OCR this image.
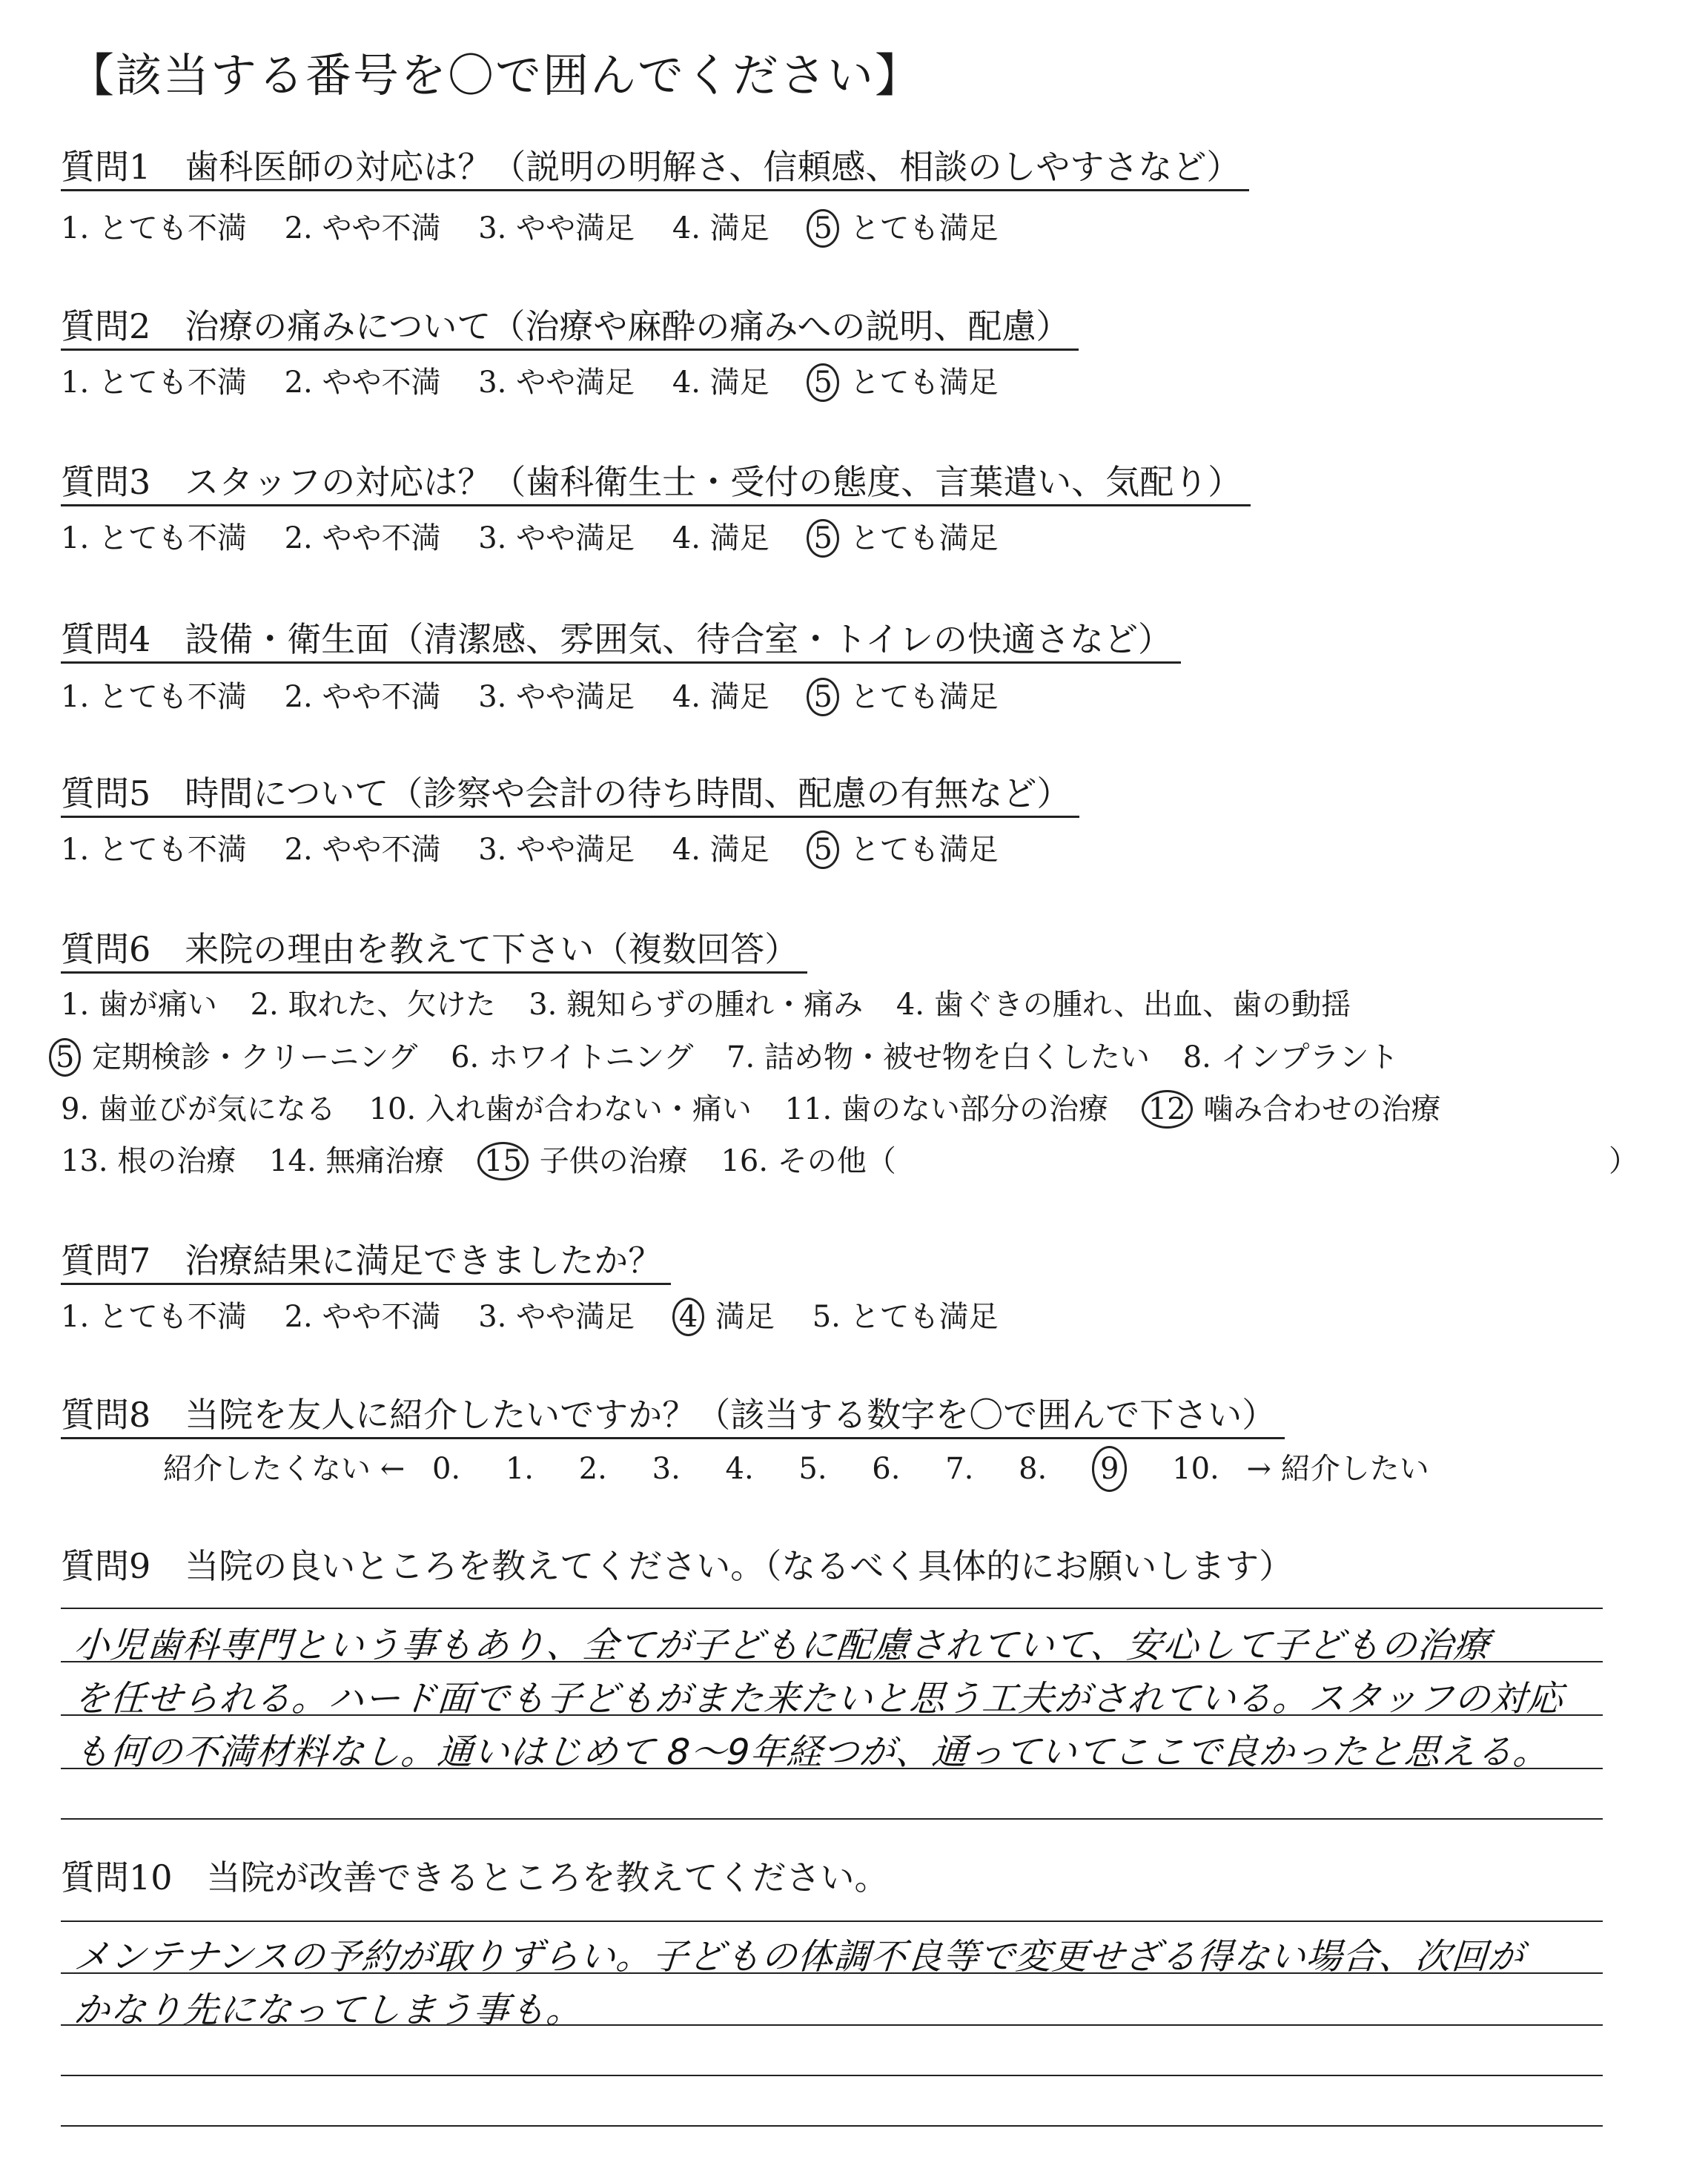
【該当する番号を〇で囲んでください】
質問1　歯科医師の対応は？（説明の明解さ、信頼感、相談のしやすさなど）
1. とても不満 2. やや不満 3. やや満足 4. 満足 5 とても満足
質問2　治療の痛みについて（治療や麻酔の痛みへの説明、配慮）
1. とても不満 2. やや不満 3. やや満足 4. 満足 5 とても満足
質問3　スタッフの対応は？（歯科衛生士・受付の態度、言葉遣い、気配り）
1. とても不満 2. やや不満 3. やや満足 4. 満足 5 とても満足
質問4　設備・衛生面（清潔感、雰囲気、待合室・トイレの快適さなど）
1. とても不満 2. やや不満 3. やや満足 4. 満足 5 とても満足
質問5　時間について（診察や会計の待ち時間、配慮の有無など）
1. とても不満 2. やや不満 3. やや満足 4. 満足 5 とても満足
質問6　来院の理由を教えて下さい（複数回答）
1. 歯が痛い 2. 取れた、欠けた 3. 親知らずの腫れ・痛み 4. 歯ぐきの腫れ、出血、歯の動揺
5 定期検診・クリーニング 6. ホワイトニング 7. 詰め物・被せ物を白くしたい 8. インプラント
9. 歯並びが気になる 10. 入れ歯が合わない・痛い 11. 歯のない部分の治療 12 噛み合わせの治療
13. 根の治療 14. 無痛治療 15 子供の治療 16. その他（	）
質問7　治療結果に満足できましたか？
1. とても不満 2. やや不満 3. やや満足 4 満足 5. とても満足
質問8　当院を友人に紹介したいですか？（該当する数字を〇で囲んで下さい）
紹介したくない ← 0. 1. 2. 3. 4. 5. 6. 7. 8. 9 10. → 紹介したい
質問9　当院の良いところを教えてください。（なるべく具体的にお願いします）
小児歯科専門という事もあり、全てが子どもに配慮されていて、安心して子どもの治療
を任せられる。ハード面でも子どもがまた来たいと思う工夫がされている。スタッフの対応
も何の不満材料なし。通いはじめて 8〜9年経つが、通っていてここで良かったと思える。
質問10　当院が改善できるところを教えてください。
メンテナンスの予約が取りずらい。子どもの体調不良等で変更せざる得ない場合、次回が
かなり先になってしまう事も。
